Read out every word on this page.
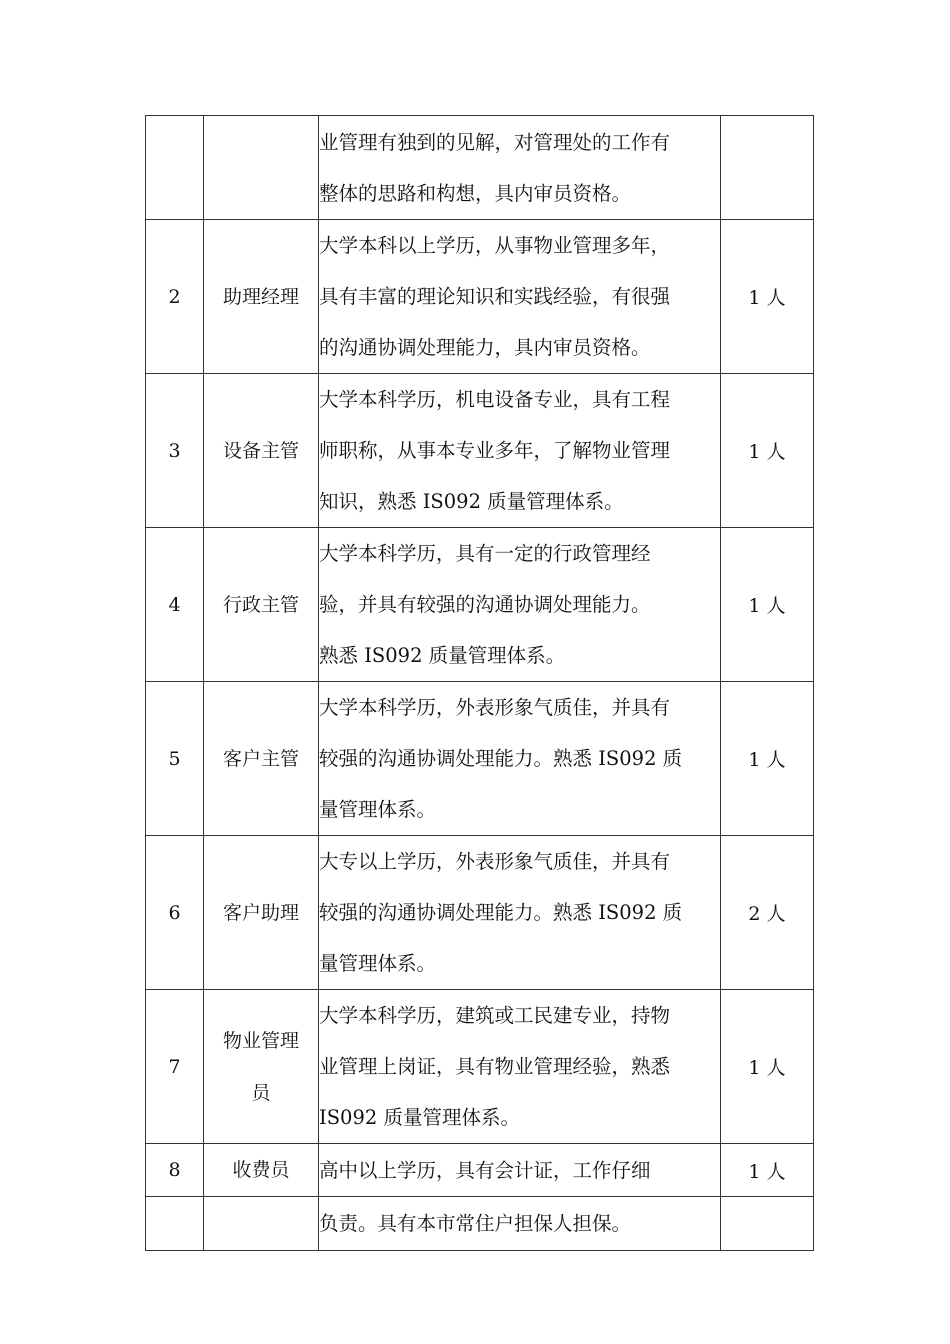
		业管理有独到的见解，对管理处的工作有
整体的思路和构想，具内审员资格。	

2	助理经理	大学本科以上学历，从事物业管理多年，
具有丰富的理论知识和实践经验，有很强
的沟通协调处理能力，具内审员资格。	1 人
3	设备主管	大学本科学历，机电设备专业，具有工程
师职称，从事本专业多年，了解物业管理
知识，熟悉 IS092 质量管理体系。	1 人
4	行政主管	大学本科学历，具有一定的行政管理经
验，并具有较强的沟通协调处理能力。
熟悉 IS092 质量管理体系。	1 人
5	客户主管	大学本科学历，外表形象气质佳，并具有
较强的沟通协调处理能力。熟悉 IS092 质
量管理体系。	1 人
6	客户助理	大专以上学历，外表形象气质佳，并具有
较强的沟通协调处理能力。熟悉 IS092 质
量管理体系。	2 人
7	物业管理
员	大学本科学历，建筑或工民建专业，持物
业管理上岗证，具有物业管理经验，熟悉
IS092 质量管理体系。	1 人
8	收费员	高中以上学历，具有会计证，工作仔细	1 人

		负责。具有本市常住户担保人担保。	
